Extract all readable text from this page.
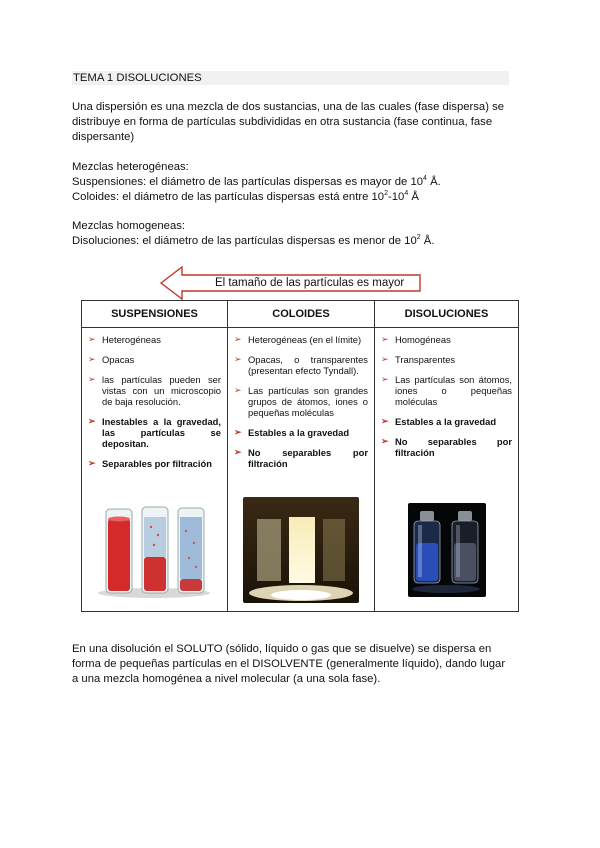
TEMA 1 DISOLUCIONES
Una dispersión es una mezcla de dos sustancias, una de las cuales (fase dispersa) se distribuye en forma de partículas subdivididas en otra sustancia (fase continua, fase dispersante)
Mezclas heterogéneas:
Suspensiones: el diámetro de las partículas dispersas es mayor de $10^4$ Å.
Coloides: el diámetro de las partículas dispersas está entre $10^2-10^4$ Å
Mezclas homogeneas:
Disoluciones: el diámetro de las partículas dispersas es menor de $10^2$ Å.
El tamaño de las partículas es mayor
SUSPENSIONES
➢ Heterogéneas
➢ Opacas
➢ las partículas pueden ser vistas con un microscopio de baja resolución.
➢ Inestables a la gravedad, las partículas se depositan.
➢ Separables por filtración
COLOIDES
➢ Heterogéneas (en el límite)
➢ Opacas, o transparentes (presentan efecto Tyndall).
➢ Las partículas son grandes grupos de átomos, iones o pequeñas moléculas
➢ Estables a la gravedad
➢ No separables por filtración
DISOLUCIONES
➢ Homogéneas
➢ Transparentes
➢ Las partículas son átomos, iones o pequeñas moléculas
➢ Estables a la gravedad
➢ No separables por filtración
En una disolución el SOLUTO (sólido, líquido o gas que se disuelve) se dispersa en forma de pequeñas partículas en el DISOLVENTE (generalmente líquido), dando lugar a una mezcla homogénea a nivel molecular (a una sola fase).
